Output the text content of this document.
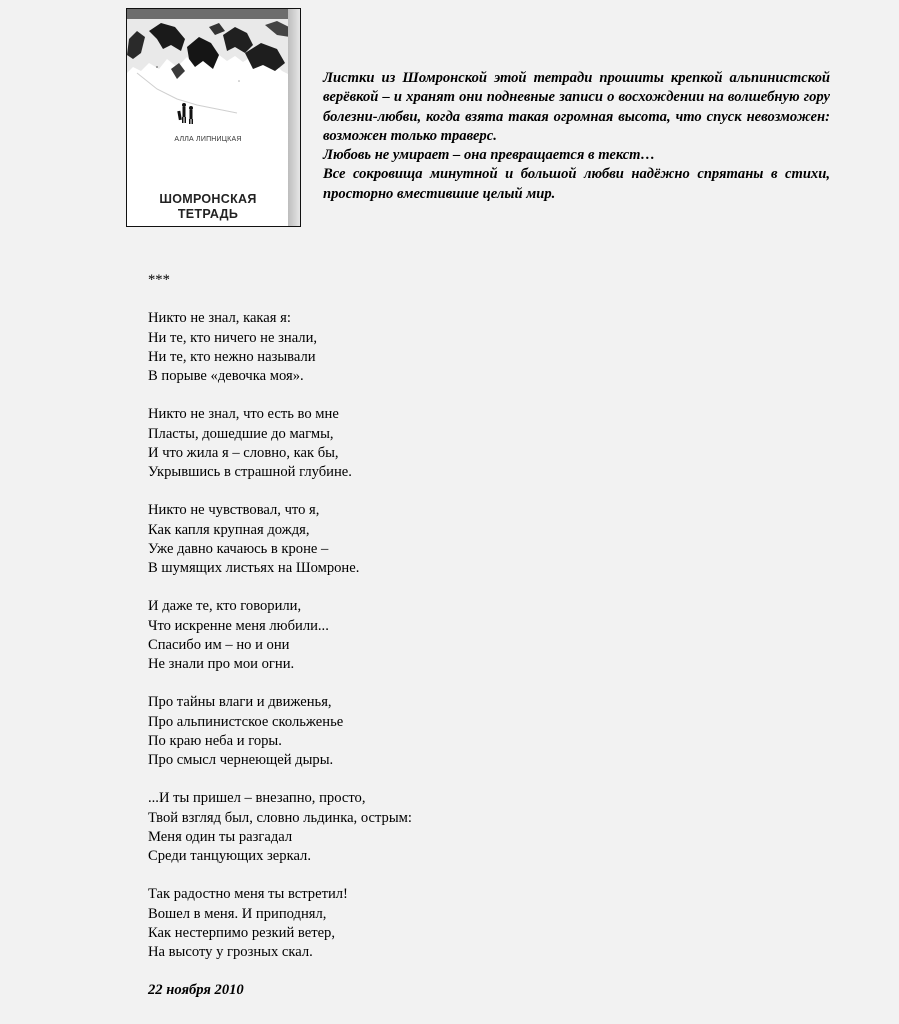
АЛЛА ЛИПНИЦКАЯ
ШОМРОНСКАЯ
ТЕТРАДЬ

Листки из Шомронской этой тетради прошиты крепкой альпинистской верёвкой – и хранят они подневные записи о восхождении на волшебную гору болезни-любви, когда взята такая огромная высота, что спуск невозможен: возможен только траверс.

Любовь не умирает – она превращается в текст…

Все сокровища минутной и большой любви надёжно спрятаны в стихи, просторно вместившие целый мир.

***
Никто не знал, какая я:
Ни те, кто ничего не знали,
Ни те, кто нежно называли
В порыве «девочка моя».
Никто не знал, что есть во мне
Пласты, дошедшие до магмы,
И что жила я – словно, как бы,
Укрывшись в страшной глубине.
Никто не чувствовал, что я,
Как капля крупная дождя,
Уже давно качаюсь в кроне –
В шумящих листьях на Шомроне.
И даже те, кто говорили,
Что искренне меня любили...
Спасибо им – но и они
Не знали про мои огни.
Про тайны влаги и движенья,
Про альпинистское скольженье
По краю неба и горы.
Про смысл чернеющей дыры.
...И ты пришел – внезапно, просто,
Твой взгляд был, словно льдинка, острым:
Меня один ты разгадал
Среди танцующих зеркал.
Так радостно меня ты встретил!
Вошел в меня. И приподнял,
Как нестерпимо резкий ветер,
На высоту у грозных скал.
22 ноября 2010
